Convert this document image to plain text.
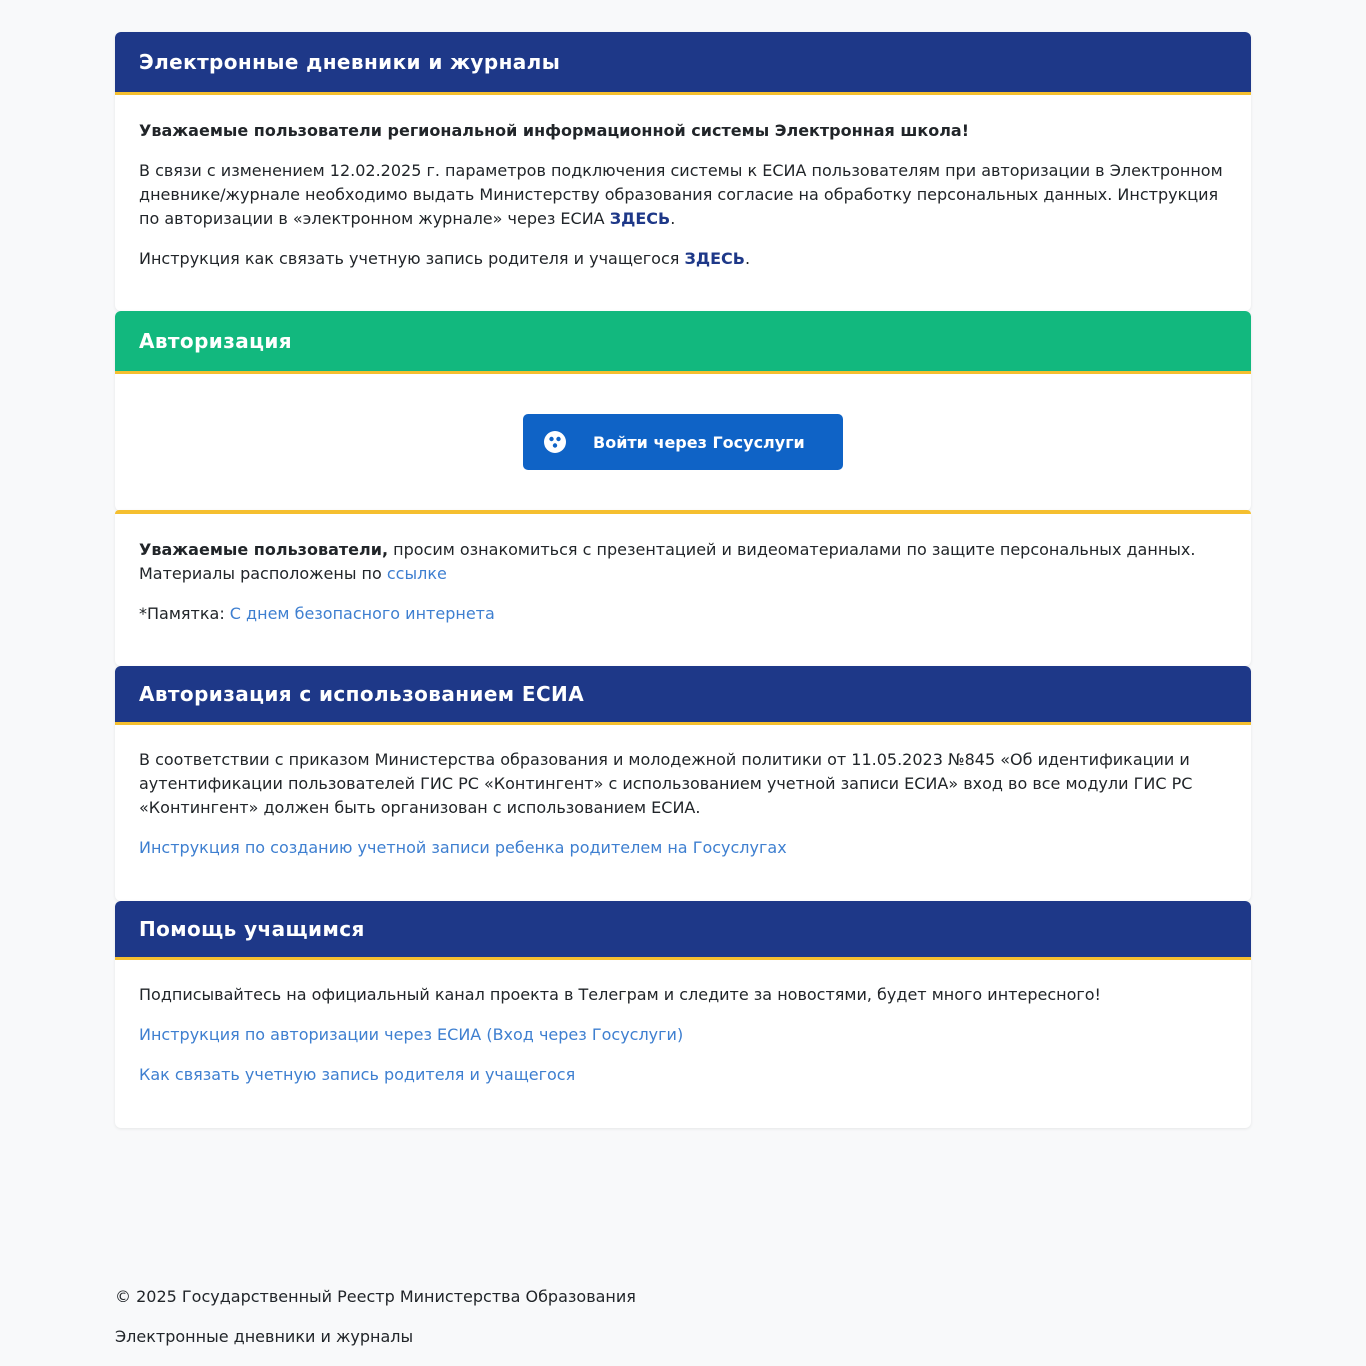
Электронные дневники и журналы

Уважаемые пользователи региональной информационной системы Электронная школа!

В связи с изменением 12.02.2025 г. параметров подключения системы к ЕСИА пользователям при авторизации в Электронном дневнике/журнале необходимо выдать Министерству образования согласие на обработку персональных данных. Инструкция по авторизации в «электронном журнале» через ЕСИА ЗДЕСЬ.

Инструкция как связать учетную запись родителя и учащегося ЗДЕСЬ.

Авторизация
Войти через Госуслуги

Уважаемые пользователи, просим ознакомиться с презентацией и видеоматериалами по защите персональных данных. Материалы расположены по ссылке

*Памятка: С днем безопасного интернета

Авторизация с использованием ЕСИА

В соответствии с приказом Министерства образования и молодежной политики от 11.05.2023 №845 «Об идентификации и аутентификации пользователей ГИС РС «Контингент» с использованием учетной записи ЕСИА» вход во все модули ГИС РС «Контингент» должен быть организован с использованием ЕСИА.

Инструкция по созданию учетной записи ребенка родителем на Госуслугах

Помощь учащимся

Подписывайтесь на официальный канал проекта в Телеграм и следите за новостями, будет много интересного!

Инструкция по авторизации через ЕСИА (Вход через Госуслуги)

Как связать учетную запись родителя и учащегося

© 2025 Государственный Реестр Министерства Образования
Электронные дневники и журналы
